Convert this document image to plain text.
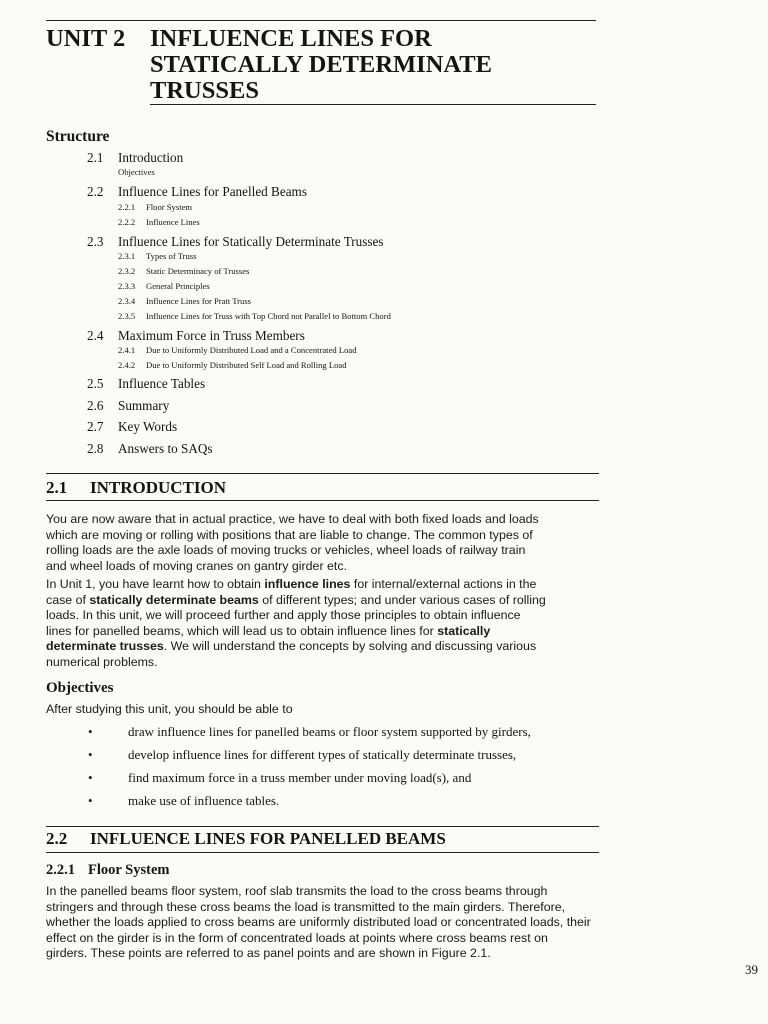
UNIT 2 INFLUENCE LINES FOR
STATICALLY DETERMINATE
TRUSSES
Structure
2.1 Introduction
Objectives
2.2 Influence Lines for Panelled Beams
2.2.1 Floor System
2.2.2 Influence Lines
2.3 Influence Lines for Statically Determinate Trusses
2.3.1 Types of Truss
2.3.2 Static Determinacy of Trusses
2.3.3 General Principles
2.3.4 Influence Lines for Pratt Truss
2.3.5 Influence Lines for Truss with Top Chord not Parallel to Bottom Chord
2.4 Maximum Force in Truss Members
2.4.1 Due to Uniformly Distributed Load and a Concentrated Load
2.4.2 Due to Uniformly Distributed Self Load and Rolling Load
2.5 Influence Tables
2.6 Summary
2.7 Key Words
2.8 Answers to SAQs
2.1 INTRODUCTION
You are now aware that in actual practice, we have to deal with both fixed loads and loads which are moving or rolling with positions that are liable to change. The common types of rolling loads are the axle loads of moving trucks or vehicles, wheel loads of railway train and wheel loads of moving cranes on gantry girder etc.
In Unit 1, you have learnt how to obtain influence lines for internal/external actions in the case of statically determinate beams of different types; and under various cases of rolling loads. In this unit, we will proceed further and apply those principles to obtain influence lines for panelled beams, which will lead us to obtain influence lines for statically determinate trusses. We will understand the concepts by solving and discussing various numerical problems.
Objectives
After studying this unit, you should be able to
•	draw influence lines for panelled beams or floor system supported by girders,
•	develop influence lines for different types of statically determinate trusses,
•	find maximum force in a truss member under moving load(s), and
•	make use of influence tables.
2.2 INFLUENCE LINES FOR PANELLED BEAMS
2.2.1 Floor System
In the panelled beams floor system, roof slab transmits the load to the cross beams through stringers and through these cross beams the load is transmitted to the main girders. Therefore, whether the loads applied to cross beams are uniformly distributed load or concentrated loads, their effect on the girder is in the form of concentrated loads at points where cross beams rest on girders. These points are referred to as panel points and are shown in Figure 2.1.
39
